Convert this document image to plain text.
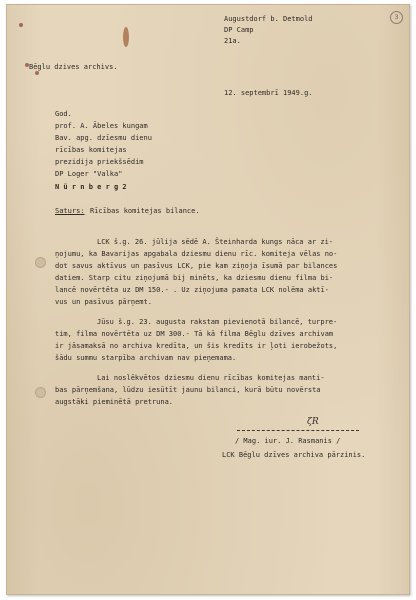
3
Augustdorf b. Detmold
DP Camp
21a.
Bēglu dzives archivs.
12. septembrī 1949.g.
God.
prof. A. Ābeles kungam
Bav. apg. dzīesmu dienu
rīcības komitejas
prezidija priekšsēdim
DP Loger "Valka"
N ü r n b e r g 2
Saturs: Rīcības komitejas bilance.
LCK š.g. 26. jūlija sēdē A. Šteinharda kungs nāca ar zi-
ņojumu, ka Bavarijas apgabala dziesmu dienu rīc. komiteja vēlas no-
dot savus aktīvus un pasīvus LCK, pie kam ziņoja īsumā par bilances
datiem. Starp citu ziņojumā bij minēts, ka dziesmu dienu filma bi-
lancē novērtēta uz DM 150.- . Uz ziņojuma pamata LCK nolēma aktī-
vus un pasīvus pārņemt.
Jūsu š.g. 23. augusta rakstam pievienotā bilancē, turpre-
tim, filma novērtēta uz DM 300.- Tā kā filma Bēglu dzīves archivam
ir jāsamaksā no archiva kredīta, un šis kredīts ir ļoti ierobežots,
šādu summu starpība archivam nav pieņemama.
Lai noslēkvētos dziesmu dienu rīcības komitejas manti-
bas pārņemšana, lūdzu iesūtīt jaunu bilanci, kurā būtu novērsta
augstāki pieminētā pretruna.
ζR
/ Mag. iur. J. Rasmanis /
LCK Bēglu dzīves archiva pārzinis.
